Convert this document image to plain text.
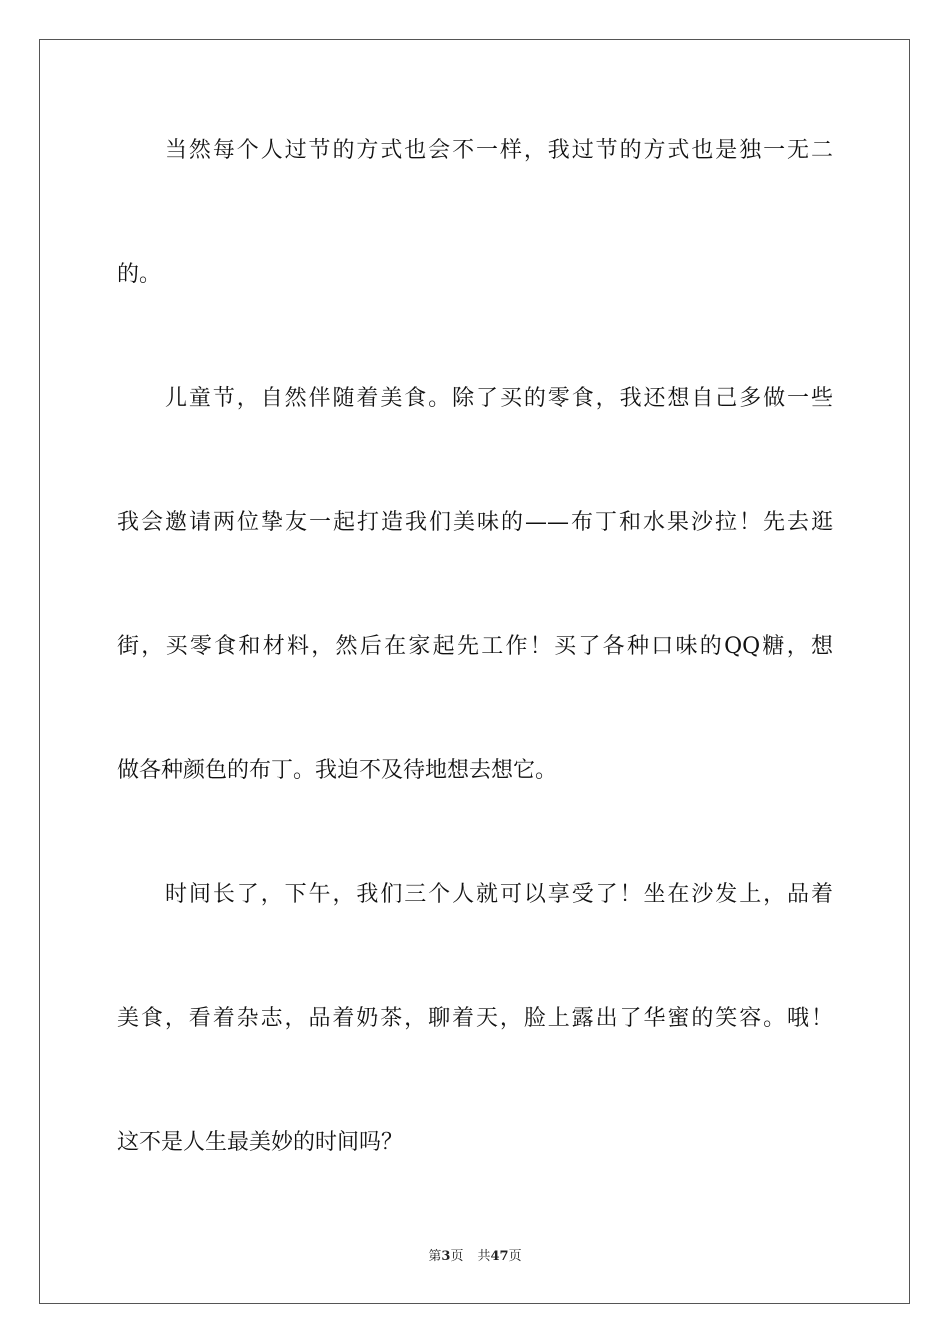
当然每个人过节的方式也会不一样，我过节的方式也是独一无二
的。
儿童节，自然伴随着美食。除了买的零食，我还想自己多做一些
我会邀请两位挚友一起打造我们美味的——布丁和水果沙拉！先去逛
街，买零食和材料，然后在家起先工作！买了各种口味的QQ糖，想
做各种颜色的布丁。我迫不及待地想去想它。
时间长了，下午，我们三个人就可以享受了！坐在沙发上，品着
美食，看着杂志，品着奶茶，聊着天，脸上露出了华蜜的笑容。哦！
这不是人生最美妙的时间吗？
第3页 共47页
